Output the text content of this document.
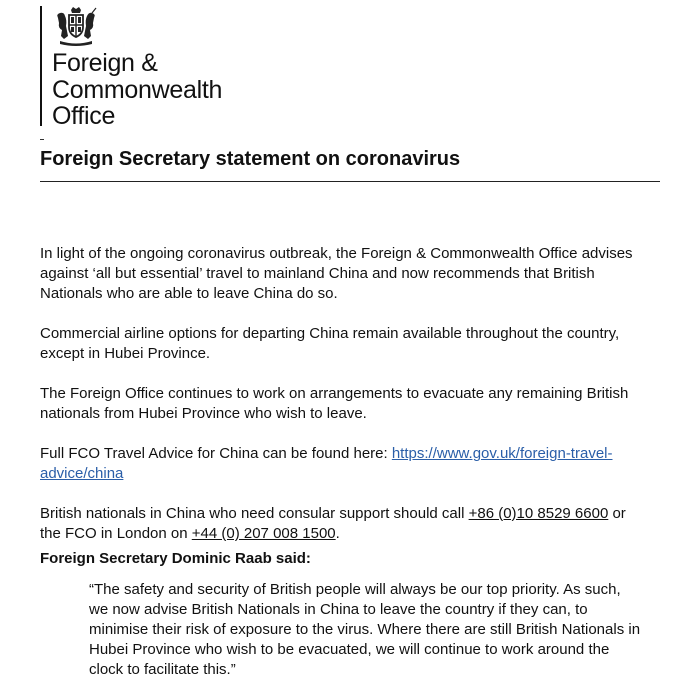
Foreign &
Commonwealth
Office
Foreign Secretary statement on coronavirus

In light of the ongoing coronavirus outbreak, the Foreign & Commonwealth Office advises
against ‘all but essential’ travel to mainland China and now recommends that British
Nationals who are able to leave China do so.

Commercial airline options for departing China remain available throughout the country,
except in Hubei Province.

The Foreign Office continues to work on arrangements to evacuate any remaining British
nationals from Hubei Province who wish to leave.

Full FCO Travel Advice for China can be found here: https://www.gov.uk/foreign-travel-
advice/china

British nationals in China who need consular support should call +86 (0)10 8529 6600 or
the FCO in London on +44 (0) 207 008 1500.

Foreign Secretary Dominic Raab said:

“The safety and security of British people will always be our top priority. As such,
we now advise British Nationals in China to leave the country if they can, to
minimise their risk of exposure to the virus. Where there are still British Nationals in
Hubei Province who wish to be evacuated, we will continue to work around the
clock to facilitate this.”
